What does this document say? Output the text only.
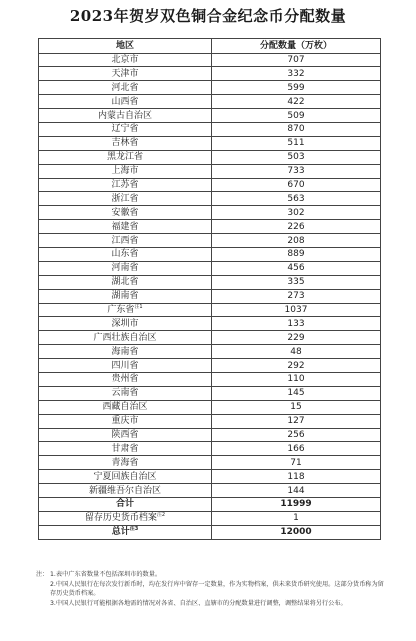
2023年贺岁双色铜合金纪念币分配数量
地区	分配数量（万枚）
北京市	707
天津市	332
河北省	599
山西省	422
内蒙古自治区	509
辽宁省	870
吉林省	511
黑龙江省	503
上海市	733
江苏省	670
浙江省	563
安徽省	302
福建省	226
江西省	208
山东省	889
河南省	456
湖北省	335
湖南省	273
广东省$^{注1}$	1037
深圳市	133
广西壮族自治区	229
海南省	48
四川省	292
贵州省	110
云南省	145
西藏自治区	15
重庆市	127
陕西省	256
甘肃省	166
青海省	71
宁夏回族自治区	118
新疆维吾尔自治区	144
合计	11999
留存历史货币档案$^{注2}$	1
总计$^{注3}$	12000
注： 1.表中广东省数量不包括深圳市的数量。
2.中国人民银行在每次发行新币时，均在发行库中留存一定数量，作为实物档案，供未来货币研究使用。这部分货币称为留存历史货币档案。
3.中国人民银行可能根据各地需的情况对各省、自治区、直辖市的分配数量进行调整，调整结果将另行公布。
